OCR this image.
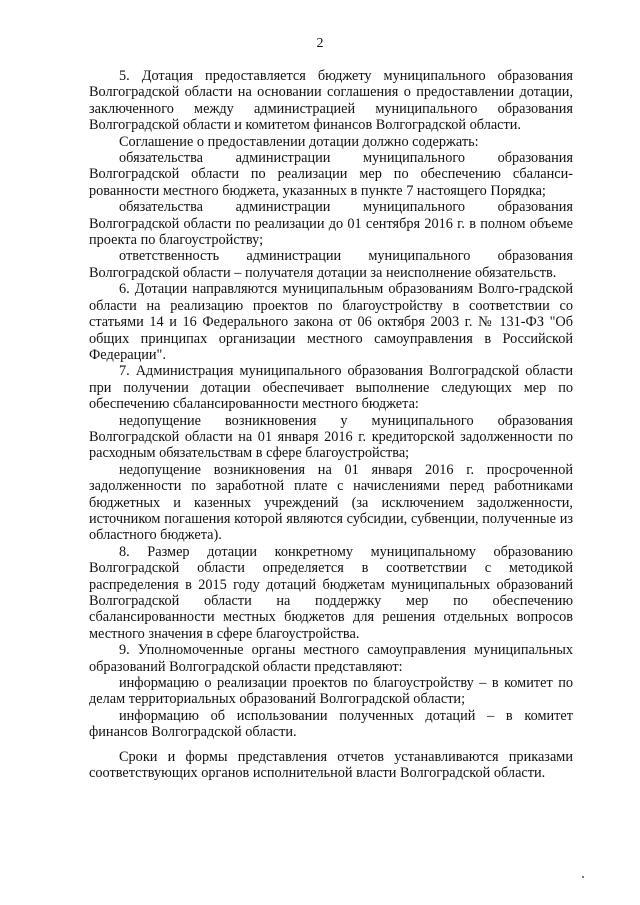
2

5. Дотация предоставляется бюджету муниципального образования Волгоградской области на основании соглашения о предоставлении дотации, заключенного между администрацией муниципального образования Волгоградской области и комитетом финансов Волгоградской области.

Соглашение о предоставлении дотации должно содержать:

обязательства администрации муниципального образования Волгоградской области по реализации мер по обеспечению сбаланси-рованности местного бюджета, указанных в пункте 7 настоящего Порядка;

обязательства администрации муниципального образования Волгоградской области по реализации до 01 сентября 2016 г. в полном объеме проекта по благоустройству;

ответственность администрации муниципального образования Волгоградской области – получателя дотации за неисполнение обязательств.

6. Дотации направляются муниципальным образованиям Волго-градской области на реализацию проектов по благоустройству в соответствии со статьями 14 и 16 Федерального закона от 06 октября 2003 г. № 131-ФЗ "Об общих принципах организации местного самоуправления в Российской Федерации".

7. Администрация муниципального образования Волгоградской области при получении дотации обеспечивает выполнение следующих мер по обеспечению сбалансированности местного бюджета:

недопущение возникновения у муниципального образования Волгоградской области на 01 января 2016 г. кредиторской задолженности по расходным обязательствам в сфере благоустройства;

недопущение возникновения на 01 января 2016 г. просроченной задолженности по заработной плате с начислениями перед работниками бюджетных и казенных учреждений (за исключением задолженности, источником погашения которой являются субсидии, субвенции, полученные из областного бюджета).

8. Размер дотации конкретному муниципальному образованию Волгоградской области определяется в соответствии с методикой распределения в 2015 году дотаций бюджетам муниципальных образований Волгоградской области на поддержку мер по обеспечению сбалансированности местных бюджетов для решения отдельных вопросов местного значения в сфере благоустройства.

9. Уполномоченные органы местного самоуправления муниципальных образований Волгоградской области представляют:

информацию о реализации проектов по благоустройству – в комитет по делам территориальных образований Волгоградской области;

информацию об использовании полученных дотаций – в комитет финансов Волгоградской области.

Сроки и формы представления отчетов устанавливаются приказами соответствующих органов исполнительной власти Волгоградской области.
